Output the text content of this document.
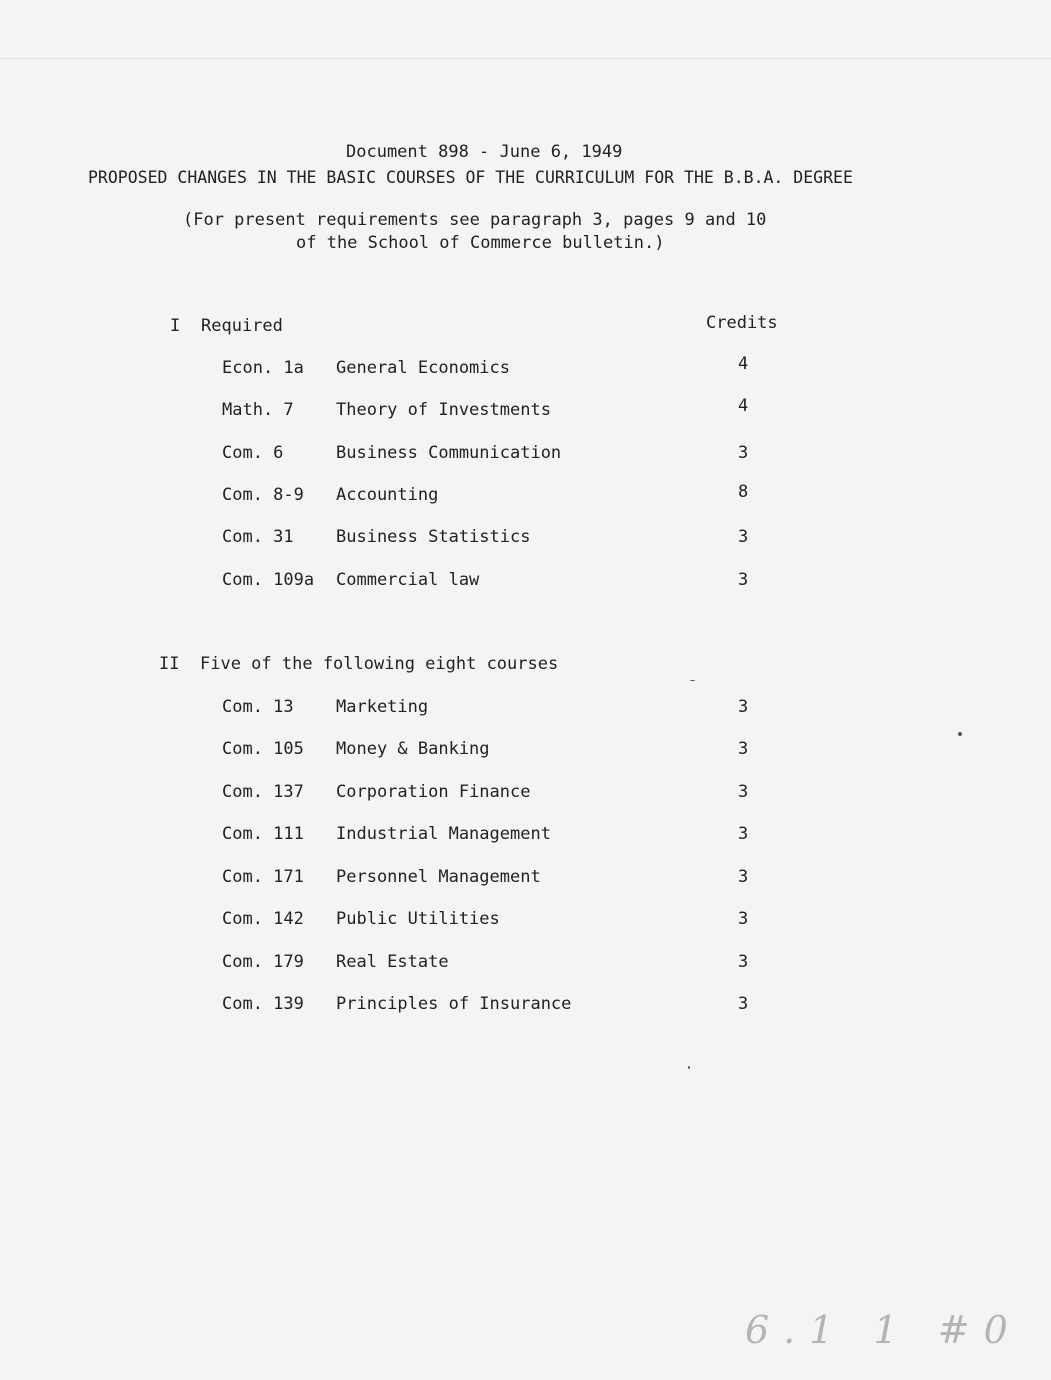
Document 898 - June 6, 1949
PROPOSED CHANGES IN THE BASIC COURSES OF THE CURRICULUM FOR THE B.B.A. DEGREE
(For present requirements see paragraph 3, pages 9 and 10
of the School of Commerce bulletin.)
I Required	Credits
Econ. 1a General Economics	4
Math. 7 Theory of Investments	4
Com. 6	Business Communication	3
Com. 8-9 Accounting	8
Com. 31 Business Statistics	3
Com. 109a Commercial law	3
II Five of the following eight courses
Com. 13 Marketing	3
Com. 105 Money & Banking	3
Com. 137 Corporation Finance	3
Com. 111 Industrial Management	3
Com. 171 Personnel Management	3
Com. 142 Public Utilities	3
Com. 179 Real Estate	3
Com. 139 Principles of Insurance	3
6.1 1 #0
